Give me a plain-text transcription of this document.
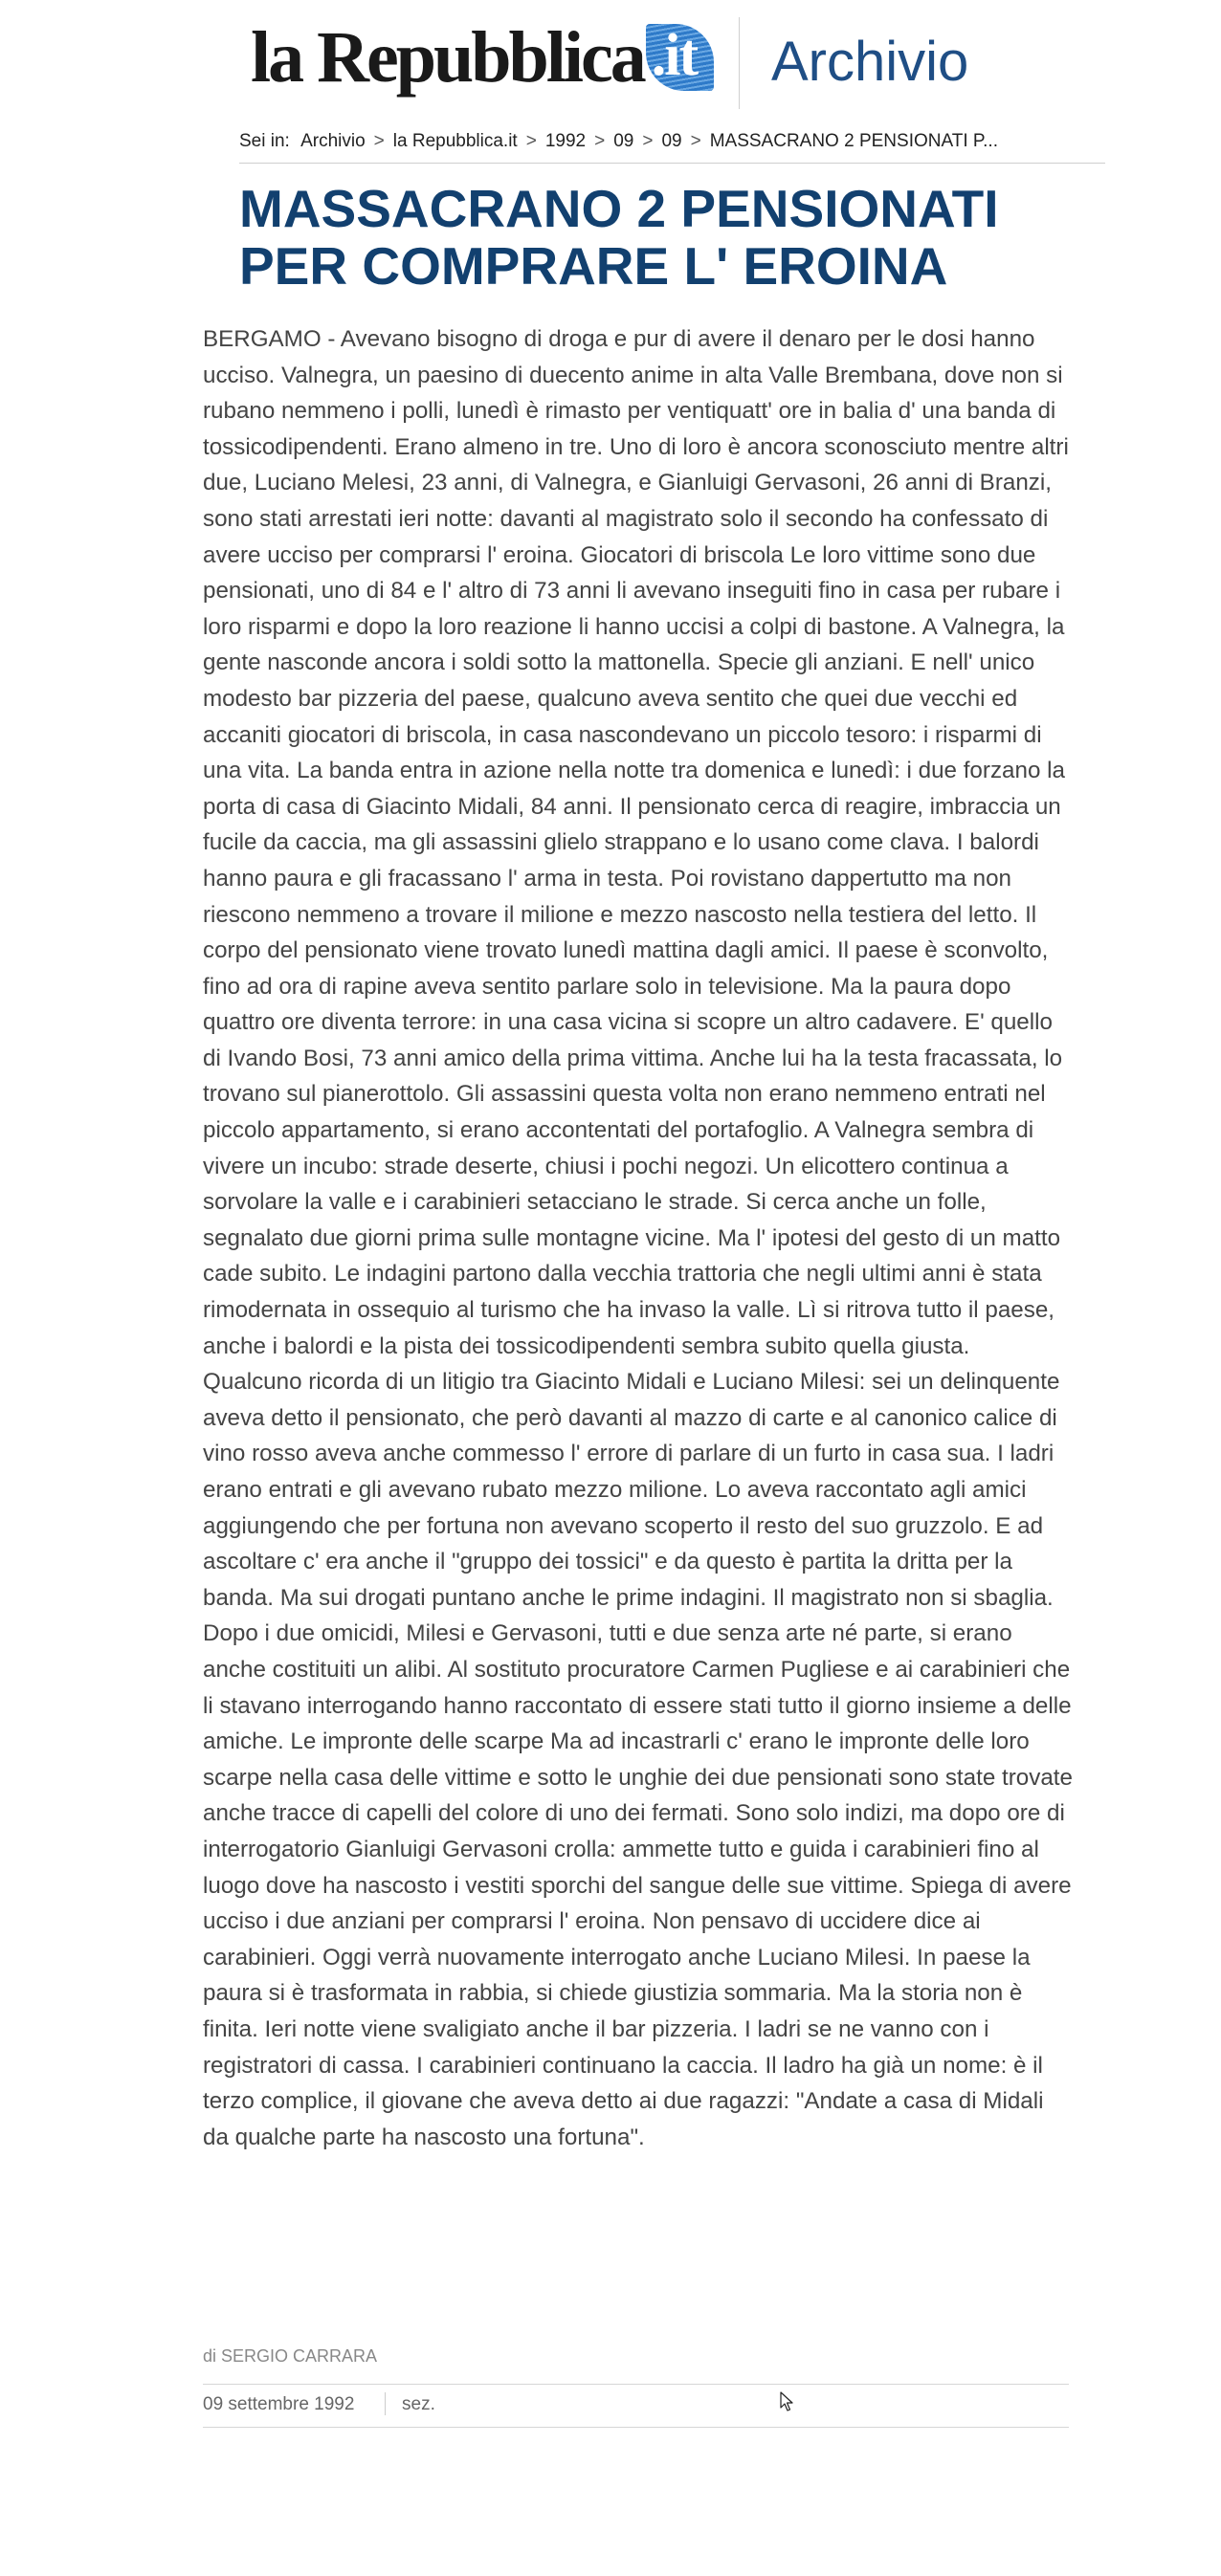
la Repubblica .it	Archivio
Sei in: Archivio > la Repubblica.it > 1992 > 09 > 09 > MASSACRANO 2 PENSIONATI P...
MASSACRANO 2 PENSIONATI
PER COMPRARE L' EROINA

BERGAMO - Avevano bisogno di droga e pur di avere il denaro per le dosi hanno ucciso. Valnegra, un paesino di duecento anime in alta Valle Brembana, dove non si rubano nemmeno i polli, lunedì è rimasto per ventiquatt' ore in balia d' una banda di tossicodipendenti. Erano almeno in tre. Uno di loro è ancora sconosciuto mentre altri due, Luciano Melesi, 23 anni, di Valnegra, e Gianluigi Gervasoni, 26 anni di Branzi, sono stati arrestati ieri notte: davanti al magistrato solo il secondo ha confessato di avere ucciso per comprarsi l' eroina. Giocatori di briscola Le loro vittime sono due pensionati, uno di 84 e l' altro di 73 anni li avevano inseguiti fino in casa per rubare i loro risparmi e dopo la loro reazione li hanno uccisi a colpi di bastone. A Valnegra, la gente nasconde ancora i soldi sotto la mattonella. Specie gli anziani. E nell' unico modesto bar pizzeria del paese, qualcuno aveva sentito che quei due vecchi ed accaniti giocatori di briscola, in casa nascondevano un piccolo tesoro: i risparmi di una vita. La banda entra in azione nella notte tra domenica e lunedì: i due forzano la porta di casa di Giacinto Midali, 84 anni. Il pensionato cerca di reagire, imbraccia un fucile da caccia, ma gli assassini glielo strappano e lo usano come clava. I balordi hanno paura e gli fracassano l' arma in testa. Poi rovistano dappertutto ma non riescono nemmeno a trovare il milione e mezzo nascosto nella testiera del letto. Il corpo del pensionato viene trovato lunedì mattina dagli amici. Il paese è sconvolto, fino ad ora di rapine aveva sentito parlare solo in televisione. Ma la paura dopo quattro ore diventa terrore: in una casa vicina si scopre un altro cadavere. E' quello di Ivando Bosi, 73 anni amico della prima vittima. Anche lui ha la testa fracassata, lo trovano sul pianerottolo. Gli assassini questa volta non erano nemmeno entrati nel piccolo appartamento, si erano accontentati del portafoglio. A Valnegra sembra di vivere un incubo: strade deserte, chiusi i pochi negozi. Un elicottero continua a sorvolare la valle e i carabinieri setacciano le strade. Si cerca anche un folle, segnalato due giorni prima sulle montagne vicine. Ma l' ipotesi del gesto di un matto cade subito. Le indagini partono dalla vecchia trattoria che negli ultimi anni è stata rimodernata in ossequio al turismo che ha invaso la valle. Lì si ritrova tutto il paese, anche i balordi e la pista dei tossicodipendenti sembra subito quella giusta. Qualcuno ricorda di un litigio tra Giacinto Midali e Luciano Milesi: sei un delinquente aveva detto il pensionato, che però davanti al mazzo di carte e al canonico calice di vino rosso aveva anche commesso l' errore di parlare di un furto in casa sua. I ladri erano entrati e gli avevano rubato mezzo milione. Lo aveva raccontato agli amici aggiungendo che per fortuna non avevano scoperto il resto del suo gruzzolo. E ad ascoltare c' era anche il "gruppo dei tossici" e da questo è partita la dritta per la banda. Ma sui drogati puntano anche le prime indagini. Il magistrato non si sbaglia. Dopo i due omicidi, Milesi e Gervasoni, tutti e due senza arte né parte, si erano anche costituiti un alibi. Al sostituto procuratore Carmen Pugliese e ai carabinieri che li stavano interrogando hanno raccontato di essere stati tutto il giorno insieme a delle amiche. Le impronte delle scarpe Ma ad incastrarli c' erano le impronte delle loro scarpe nella casa delle vittime e sotto le unghie dei due pensionati sono state trovate anche tracce di capelli del colore di uno dei fermati. Sono solo indizi, ma dopo ore di interrogatorio Gianluigi Gervasoni crolla: ammette tutto e guida i carabinieri fino al luogo dove ha nascosto i vestiti sporchi del sangue delle sue vittime. Spiega di avere ucciso i due anziani per comprarsi l' eroina. Non pensavo di uccidere dice ai carabinieri. Oggi verrà nuovamente interrogato anche Luciano Milesi. In paese la paura si è trasformata in rabbia, si chiede giustizia sommaria. Ma la storia non è finita. Ieri notte viene svaligiato anche il bar pizzeria. I ladri se ne vanno con i registratori di cassa. I carabinieri continuano la caccia. Il ladro ha già un nome: è il terzo complice, il giovane che aveva detto ai due ragazzi: "Andate a casa di Midali da qualche parte ha nascosto una fortuna".

di SERGIO CARRARA
09 settembre 1992	sez.
